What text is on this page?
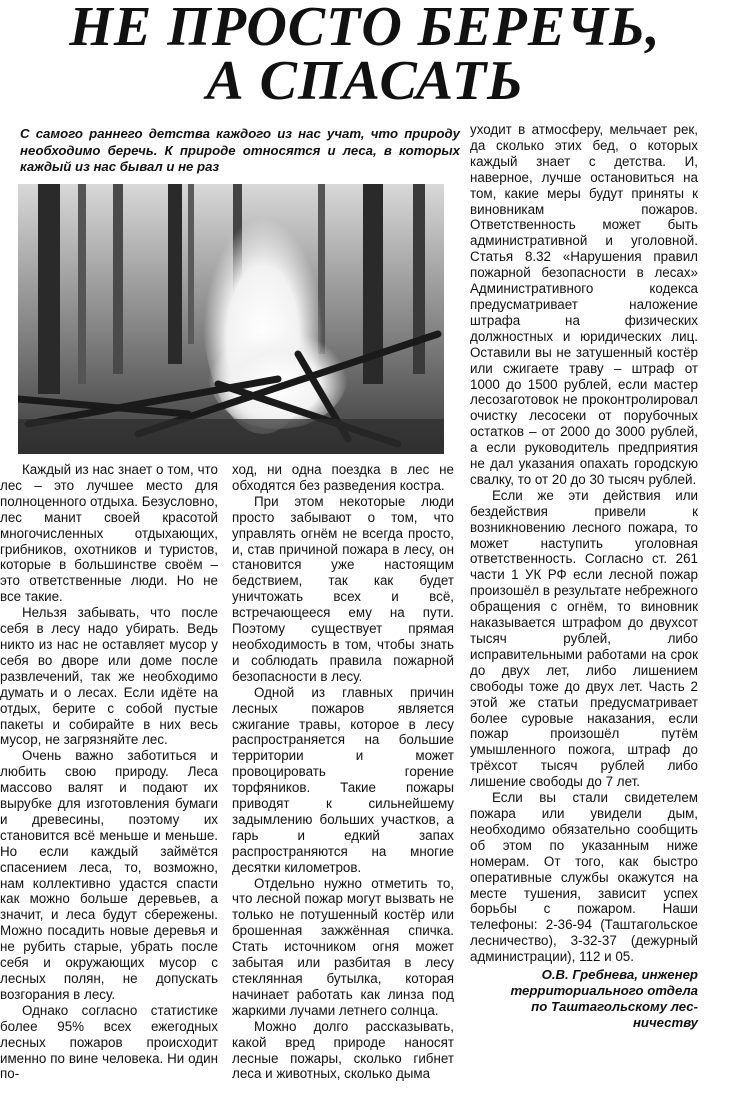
НЕ ПРОСТО БЕРЕЧЬ,
А СПАСАТЬ

С самого раннего детства каждого из нас учат, что природу необходимо беречь. К природе относятся и леса, в которых каждый из нас бывал и не раз

Каждый из нас знает о том, что лес – это лучшее место для полноценного отдыха. Безусловно, лес манит своей красотой многочисленных отдыхающих, грибников, охотников и туристов, которые в большинстве своём – это ответственные люди. Но не все такие.

Нельзя забывать, что после себя в лесу надо убирать. Ведь никто из нас не оставляет мусор у себя во дворе или доме после развлечений, так же необходимо думать и о лесах. Если идёте на отдых, берите с собой пустые пакеты и собирайте в них весь мусор, не загрязняйте лес.

Очень важно заботиться и любить свою природу. Леса массово валят и подают их вырубке для изготовления бумаги и древесины, поэтому их становится всё меньше и меньше. Но если каждый займётся спасением леса, то, возможно, нам коллективно удастся спасти как можно больше деревьев, а значит, и леса будут сбережены. Можно посадить новые деревья и не рубить старые, убрать после себя и окружающих мусор с лесных полян, не допускать возгорания в лесу.

Однако согласно статистике более 95% всех ежегодных лесных пожаров происходит именно по вине человека. Ни один по-

ход, ни одна поездка в лес не обходятся без разведения костра.

При этом некоторые люди просто забывают о том, что управлять огнём не всегда просто, и, став причиной пожара в лесу, он становится уже настоящим бедствием, так как будет уничтожать всех и всё, встречающееся ему на пути. Поэтому существует прямая необходимость в том, чтобы знать и соблюдать правила пожарной безопасности в лесу.

Одной из главных причин лесных пожаров является сжигание травы, которое в лесу распространяется на большие территории и может провоцировать горение торфяников. Такие пожары приводят к сильнейшему задымлению больших участков, а гарь и едкий запах распространяются на многие десятки километров.

Отдельно нужно отметить то, что лесной пожар могут вызвать не только не потушенный костёр или брошенная зажжённая спичка. Стать источником огня может забытая или разбитая в лесу стеклянная бутылка, которая начинает работать как линза под жаркими лучами летнего солнца.

Можно долго рассказывать, какой вред природе наносят лесные пожары, сколько гибнет леса и животных, сколько дыма

уходит в атмосферу, мельчает рек, да сколько этих бед, о которых каждый знает с детства. И, наверное, лучше остановиться на том, какие меры будут приняты к виновникам пожаров. Ответственность может быть административной и уголовной. Статья 8.32 «Нарушения правил пожарной безопасности в лесах» Административного кодекса предусматривает наложение штрафа на физических должностных и юридических лиц. Оставили вы не затушенный костёр или сжигаете траву – штраф от 1000 до 1500 рублей, если мастер лесозаготовок не проконтролировал очистку лесосеки от порубочных остатков – от 2000 до 3000 рублей, а если руководитель предприятия не дал указания опахать городскую свалку, то от 20 до 30 тысяч рублей.

Если же эти действия или бездействия привели к возникновению лесного пожара, то может наступить уголовная ответственность. Согласно ст. 261 части 1 УК РФ если лесной пожар произошёл в результате небрежного обращения с огнём, то виновник наказывается штрафом до двухсот тысяч рублей, либо исправительными работами на срок до двух лет, либо лишением свободы тоже до двух лет. Часть 2 этой же статьи предусматривает более суровые наказания, если пожар произошёл путём умышленного пожога, штраф до трёхсот тысяч рублей либо лишение свободы до 7 лет.

Если вы стали свидетелем пожара или увидели дым, необходимо обязательно сообщить об этом по указанным ниже номерам. От того, как быстро оперативные службы окажутся на месте тушения, зависит успех борьбы с пожаром. Наши телефоны: 2-36-94 (Таштагольское лесничество), 3-32-37 (дежурный администрации), 112 и 05.

О.В. Гребнева, инженер
территориального отдела
по Таштагольскому лес-
ничеству
